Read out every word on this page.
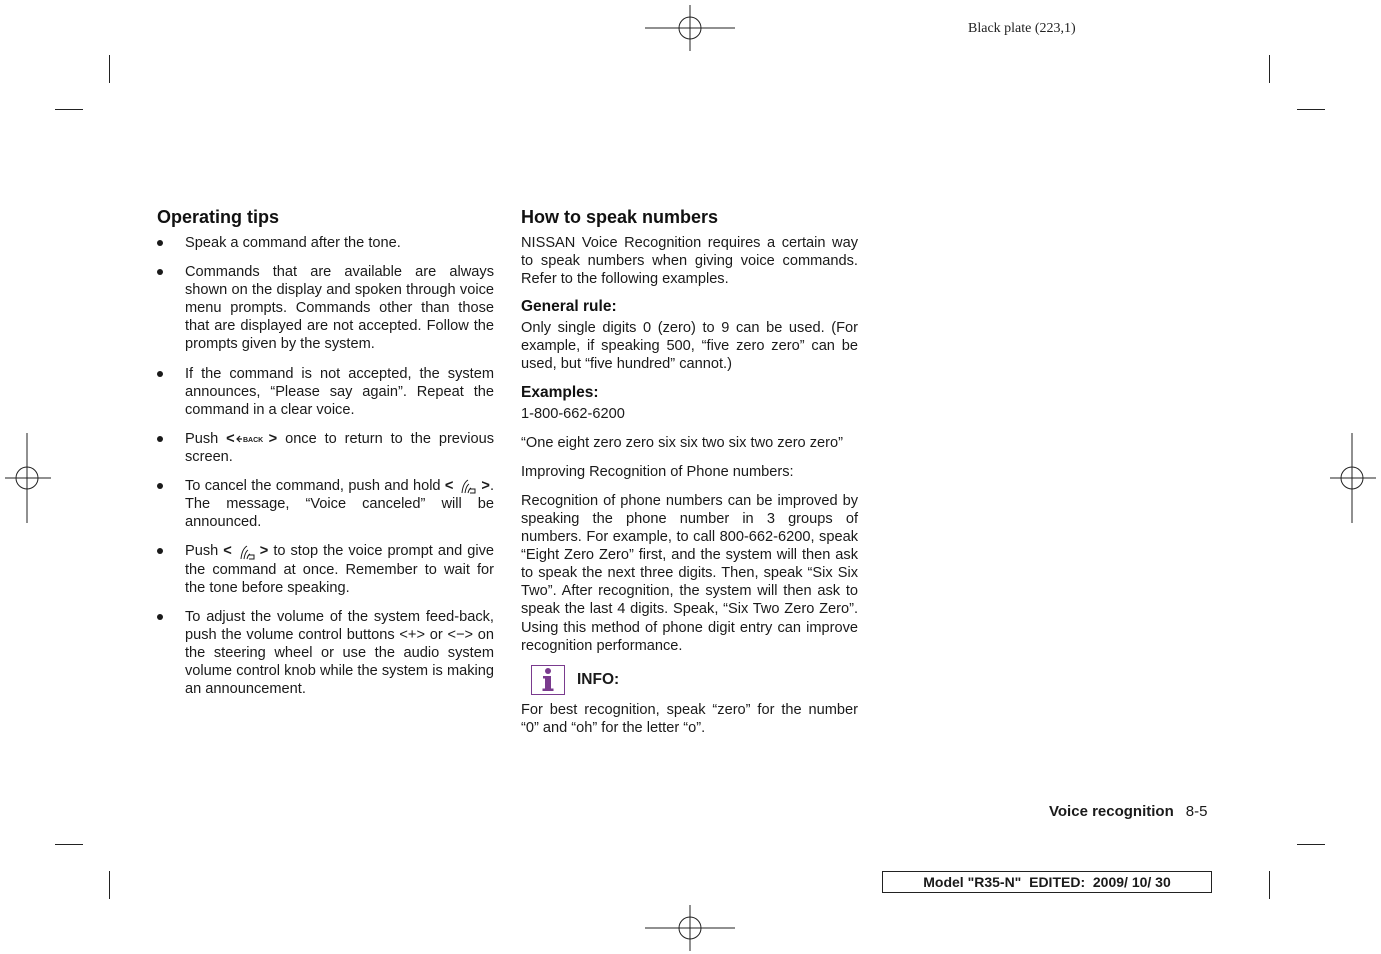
Black plate (223,1)
Operating tips
Speak a command after the tone.
Commands that are available are always shown on the display and spoken through voice menu prompts. Commands other than those that are displayed are not accepted. Follow the prompts given by the system.
If the command is not accepted, the system announces, “Please say again”. Repeat the command in a clear voice.
Push < BACK > once to return to the previous screen.
To cancel the command, push and hold < >. The message, “Voice canceled” will be announced.
Push < > to stop the voice prompt and give the command at once. Remember to wait for the tone before speaking.
To adjust the volume of the system feed-back, push the volume control buttons <+> or <−> on the steering wheel or use the audio system volume control knob while the system is making an announcement.
How to speak numbers

NISSAN Voice Recognition requires a certain way to speak numbers when giving voice commands. Refer to the following examples.

General rule:

Only single digits 0 (zero) to 9 can be used. (For example, if speaking 500, “five zero zero” can be used, but “five hundred” cannot.)

Examples:

1-800-662-6200

“One eight zero zero six six two six two zero zero”

Improving Recognition of Phone numbers:

Recognition of phone numbers can be improved by speaking the phone number in 3 groups of numbers. For example, to call 800-662-6200, speak “Eight Zero Zero” first, and the system will then ask to speak the next three digits. Then, speak “Six Six Two”. After recognition, the system will then ask to speak the last 4 digits. Speak, “Six Two Zero Zero”. Using this method of phone digit entry can improve recognition performance.

INFO:

For best recognition, speak “zero” for the number “0” and “oh” for the letter “o”.

Voice recognition 8-5
Model
"R35-N" EDITED: 2009/ 10/ 30
